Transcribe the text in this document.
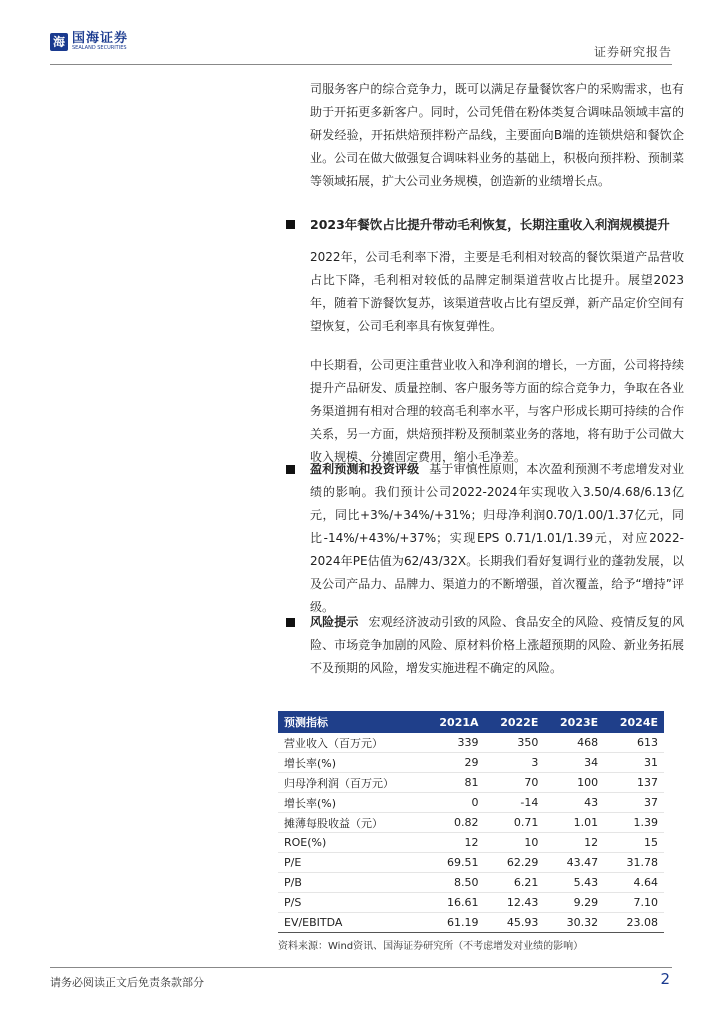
海 国海证券
SEALAND SECURITIES	证券研究报告

司服务客户的综合竞争力，既可以满足存量餐饮客户的采购需求，也有助于开拓更多新客户。同时，公司凭借在粉体类复合调味品领域丰富的研发经验，开拓烘焙预拌粉产品线，主要面向B端的连锁烘焙和餐饮企业。公司在做大做强复合调味料业务的基础上，积极向预拌粉、预制菜等领域拓展，扩大公司业务规模，创造新的业绩增长点。

2023年餐饮占比提升带动毛利恢复，长期注重收入利润规模提升

2022年，公司毛利率下滑，主要是毛利相对较高的餐饮渠道产品营收占比下降，毛利相对较低的品牌定制渠道营收占比提升。展望2023年，随着下游餐饮复苏，该渠道营收占比有望反弹，新产品定价空间有望恢复，公司毛利率具有恢复弹性。

中长期看，公司更注重营业收入和净利润的增长，一方面，公司将持续提升产品研发、质量控制、客户服务等方面的综合竞争力，争取在各业务渠道拥有相对合理的较高毛利率水平，与客户形成长期可持续的合作关系，另一方面，烘焙预拌粉及预制菜业务的落地，将有助于公司做大收入规模、分摊固定费用，缩小毛净差。

盈利预测和投资评级 基于审慎性原则，本次盈利预测不考虑增发对业绩的影响。我们预计公司2022-2024年实现收入3.50/4.68/6.13亿元，同比+3%/+34%/+31%；归母净利润0.70/1.00/1.37亿元，同比-14%/+43%/+37%；实现EPS 0.71/1.01/1.39元，对应2022-2024年PE估值为62/43/32X。长期我们看好复调行业的蓬勃发展，以及公司产品力、品牌力、渠道力的不断增强，首次覆盖，给予“增持”评级。

风险提示 宏观经济波动引致的风险、食品安全的风险、疫情反复的风险、市场竞争加剧的风险、原材料价格上涨超预期的风险、新业务拓展不及预期的风险，增发实施进程不确定的风险。

预测指标	2021A	2022E	2023E	2024E
营业收入（百万元）	339	350	468	613
增长率(%)	29	3	34	31
归母净利润（百万元）	81	70	100	137
增长率(%)	0	-14	43	37
摊薄每股收益（元）	0.82	0.71	1.01	1.39
ROE(%)	12	10	12	15
P/E	69.51	62.29	43.47	31.78
P/B	8.50	6.21	5.43	4.64
P/S	16.61	12.43	9.29	7.10
EV/EBITDA	61.19	45.93	30.32	23.08
资料来源：Wind资讯、国海证券研究所（不考虑增发对业绩的影响）
请务必阅读正文后免责条款部分	2
